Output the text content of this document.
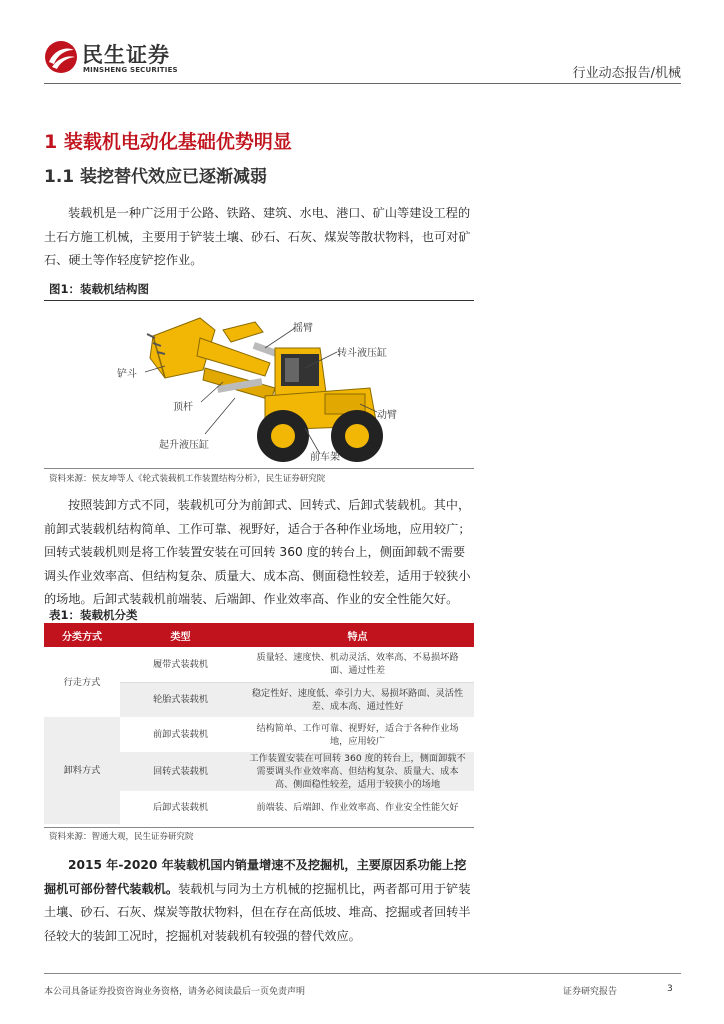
民生证券
MINSHENG SECURITIES	行业动态报告/机械
1 装载机电动化基础优势明显
1.1 装挖替代效应已逐渐减弱

装载机是一种广泛用于公路、铁路、建筑、水电、港口、矿山等建设工程的土石方施工机械，主要用于铲装土壤、砂石、石灰、煤炭等散状物料，也可对矿石、硬土等作轻度铲挖作业。

图1：装载机结构图
摇臂
转斗液压缸
铲斗
顶杆
动臂
起升液压缸
前车架
资料来源：侯友坤等人《轮式装载机工作装置结构分析》，民生证券研究院

按照装卸方式不同，装载机可分为前卸式、回转式、后卸式装载机。其中，前卸式装载机结构简单、工作可靠、视野好，适合于各种作业场地，应用较广；回转式装载机则是将工作装置安装在可回转 360 度的转台上，侧面卸载不需要调头作业效率高、但结构复杂、质量大、成本高、侧面稳性较差，适用于较狭小的场地。后卸式装载机前端装、后端卸、作业效率高、作业的安全性能欠好。

表1：装载机分类
分类方式	类型	特点
行走方式	履带式装载机	质量轻、速度快、机动灵活、效率高、不易损坏路面、通过性差
	轮胎式装载机	稳定性好、速度低、牵引力大、易损坏路面、灵活性差、成本高、通过性好
卸料方式	前卸式装载机	结构简单、工作可靠、视野好，适合于各种作业场地，应用较广
	回转式装载机	工作装置安装在可回转 360 度的转台上，侧面卸载不需要调头作业效率高、但结构复杂、质量大、成本高、侧面稳性较差，适用于较狭小的场地
	后卸式装载机	前端装、后端卸、作业效率高、作业安全性能欠好
资料来源：智通大观，民生证券研究院

2015 年-2020 年装载机国内销量增速不及挖掘机，主要原因系功能上挖掘机可部份替代装载机。装载机与同为土方机械的挖掘机比，两者都可用于铲装土壤、砂石、石灰、煤炭等散状物料，但在存在高低坡、堆高、挖掘或者回转半径较大的装卸工况时，挖掘机对装载机有较强的替代效应。

本公司具备证券投资咨询业务资格，请务必阅读最后一页免责声明	证券研究报告	3
